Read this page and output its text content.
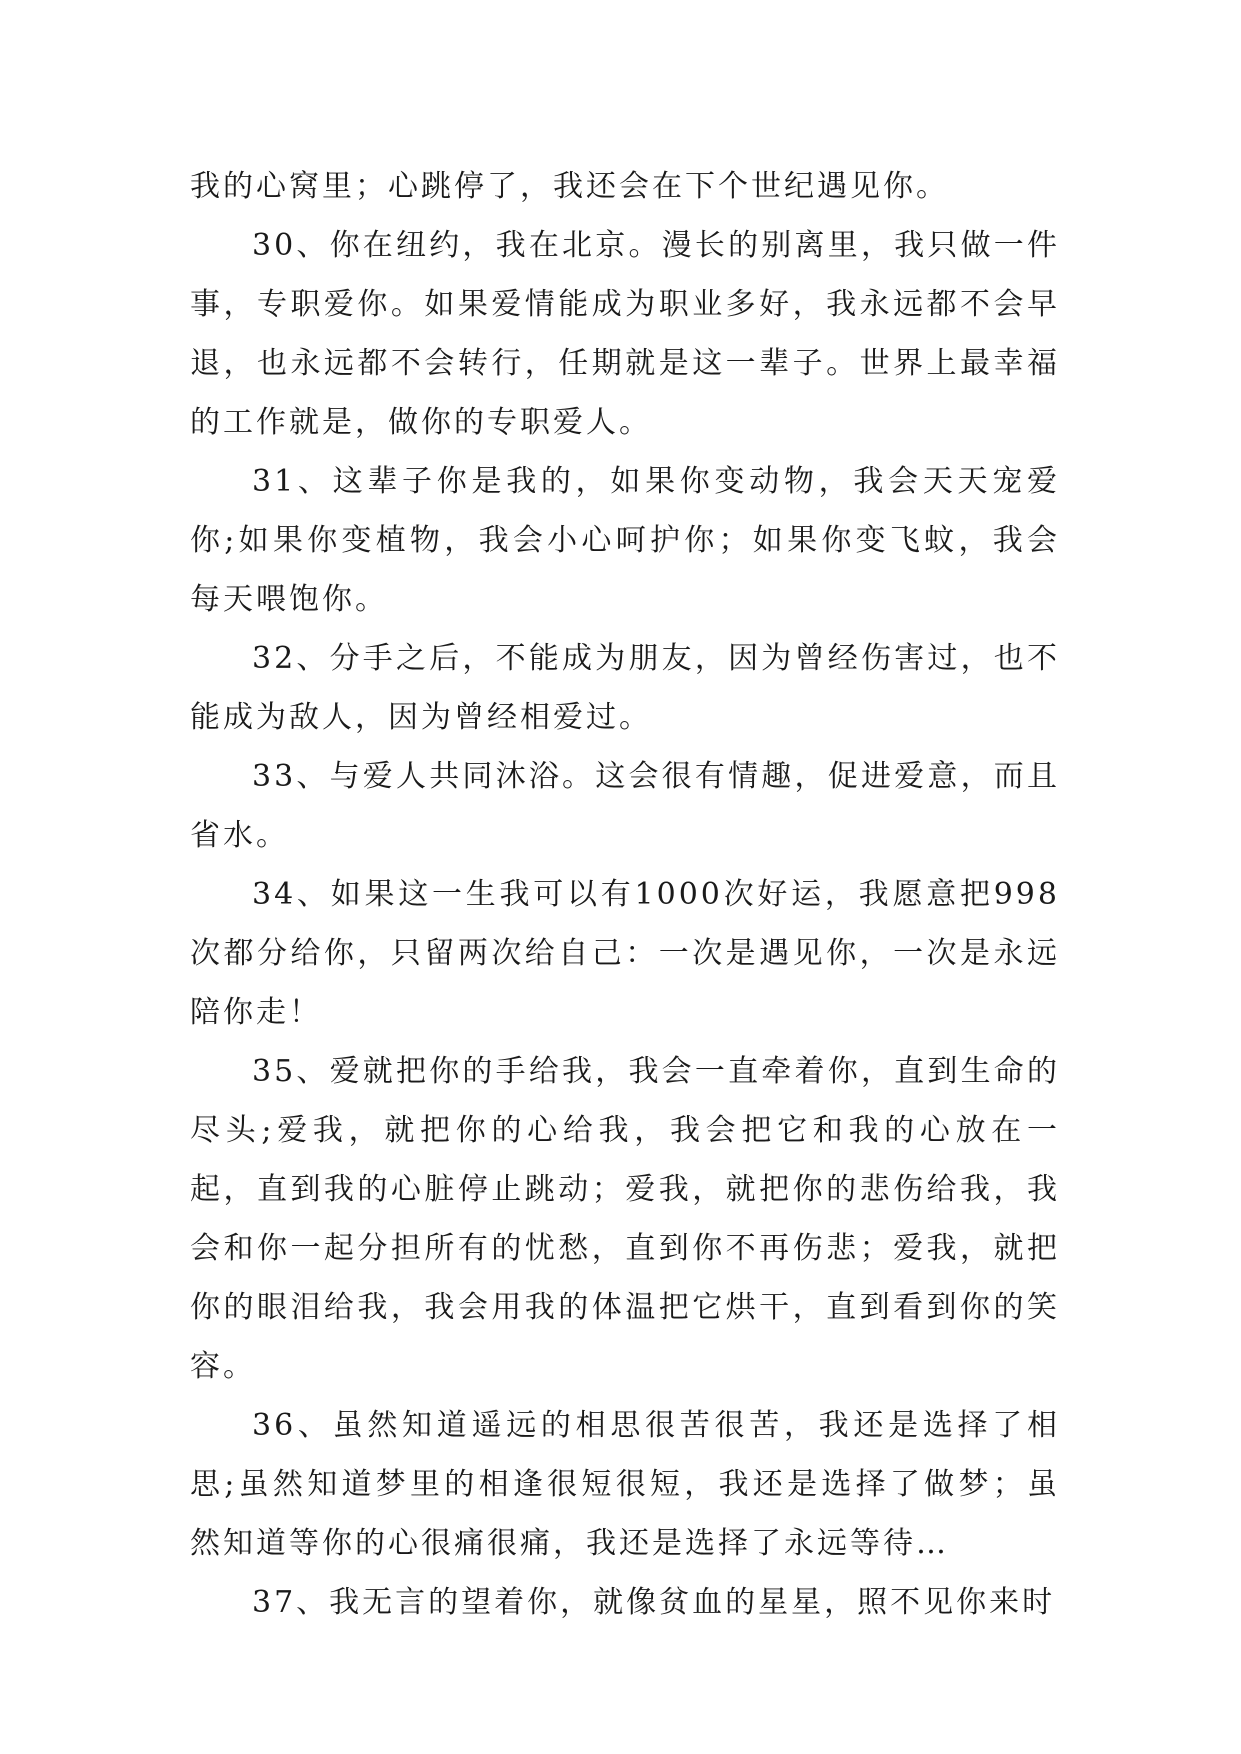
我的心窝里；心跳停了，我还会在下个世纪遇见你。

30、你在纽约，我在北京。漫长的别离里，我只做一件事，专职爱你。如果爱情能成为职业多好，我永远都不会早退，也永远都不会转行，任期就是这一辈子。世界上最幸福的工作就是，做你的专职爱人。

31、这辈子你是我的，如果你变动物，我会天天宠爱你;如果你变植物，我会小心呵护你；如果你变飞蚊，我会每天喂饱你。

32、分手之后，不能成为朋友，因为曾经伤害过，也不能成为敌人，因为曾经相爱过。

33、与爱人共同沐浴。这会很有情趣，促进爱意，而且省水。

34、如果这一生我可以有1000次好运，我愿意把998次都分给你，只留两次给自己：一次是遇见你，一次是永远陪你走！

35、爱就把你的手给我，我会一直牵着你，直到生命的尽头;爱我，就把你的心给我，我会把它和我的心放在一起，直到我的心脏停止跳动；爱我，就把你的悲伤给我，我会和你一起分担所有的忧愁，直到你不再伤悲；爱我，就把你的眼泪给我，我会用我的体温把它烘干，直到看到你的笑容。

36、虽然知道遥远的相思很苦很苦，我还是选择了相思;虽然知道梦里的相逢很短很短，我还是选择了做梦；虽然知道等你的心很痛很痛，我还是选择了永远等待…

37、我无言的望着你，就像贫血的星星，照不见你来时
